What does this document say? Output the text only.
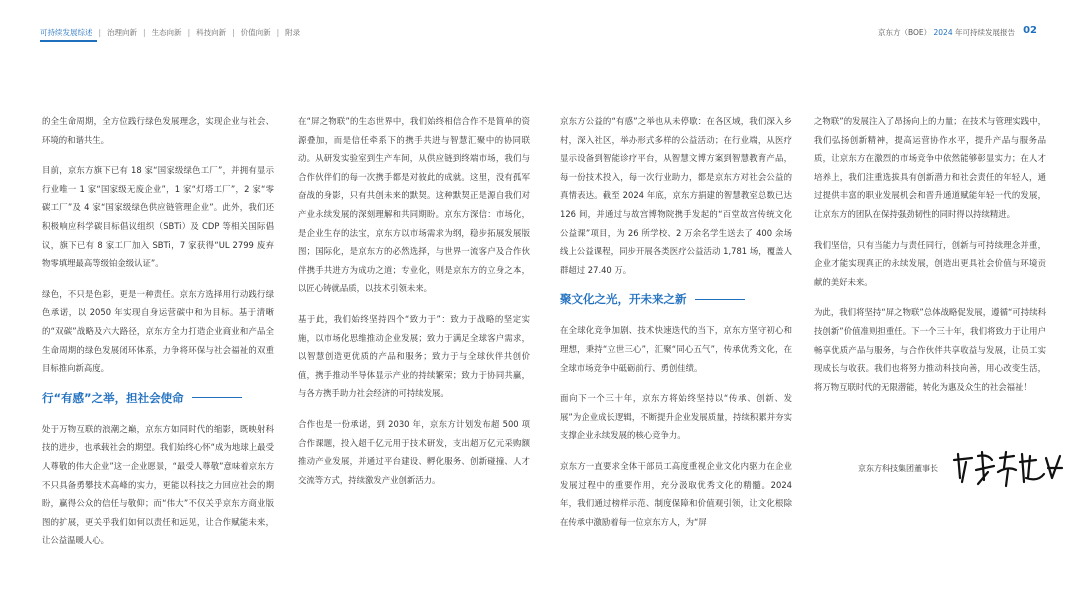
可持续发展综述 | 治理向新 | 生态向新 | 科技向新 | 价值向新 | 附录	京东方（BOE） 2024 年可持续发展报告 02

的全生命周期，全方位践行绿色发展理念，实现企业与社会、环境的和谐共生。

目前，京东方旗下已有 18 家“国家级绿色工厂”，并拥有显示行业唯一 1 家“国家级无废企业”，1 家“灯塔工厂”，2 家“零碳工厂”及 4 家“国家级绿色供应链管理企业”。此外，我们还积极响应科学碳目标倡议组织（SBTi）及 CDP 等相关国际倡议，旗下已有 8 家工厂加入 SBTi，7 家获得“UL 2799 废弃物零填埋最高等级铂金级认证”。

绿色，不只是色彩，更是一种责任。京东方选择用行动践行绿色承诺，以 2050 年实现自身运营碳中和为目标。基于清晰的“双碳”战略及六大路径，京东方全力打造企业商业和产品全生命周期的绿色发展闭环体系，力争将环保与社会福祉的双重目标推向新高度。

行“有感”之举，担社会使命

处于万物互联的浪潮之巅，京东方如同时代的缩影，既映射科技的进步，也承载社会的期望。我们始终心怀“成为地球上最受人尊敬的伟大企业”这一企业愿景，“最受人尊敬”意味着京东方不只具备勇攀技术高峰的实力，更能以科技之力回应社会的期盼，赢得公众的信任与敬仰；而“伟大”不仅关乎京东方商业版图的扩展，更关乎我们如何以责任和远见，让合作赋能未来，让公益温暖人心。

在“屏之物联”的生态世界中，我们始终相信合作不是简单的资源叠加，而是信任牵系下的携手共进与智慧汇聚中的协同联动。从研发实验室到生产车间，从供应链到终端市场，我们与合作伙伴们的每一次携手都是对彼此的成就。这里，没有孤军奋战的身影，只有共创未来的默契。这种默契正是源自我们对产业永续发展的深刻理解和共同期盼。京东方深信：市场化，是企业生存的法宝，京东方以市场需求为纲，稳步拓展发展版图；国际化，是京东方的必然选择，与世界一流客户及合作伙伴携手共进方为成功之道；专业化，则是京东方的立身之本，以匠心铸就品质，以技术引领未来。

基于此，我们始终坚持四个“致力于”：致力于战略的坚定实施，以市场化思维推动企业发展；致力于满足全球客户需求，以智慧创造更优质的产品和服务；致力于与全球伙伴共创价值，携手推动半导体显示产业的持续繁荣；致力于协同共赢，与各方携手助力社会经济的可持续发展。

合作也是一份承诺，到 2030 年，京东方计划发布超 500 项合作课题，投入超千亿元用于技术研发，支出超万亿元采购额推动产业发展，并通过平台建设、孵化服务、创新碰撞、人才交流等方式，持续激发产业创新活力。

京东方公益的“有感”之举也从未停歇：在各区域，我们深入乡村，深入社区，举办形式多样的公益活动；在行业端，从医疗显示设备到智能诊疗平台，从智慧文博方案到智慧教育产品，每一份技术投入，每一次行业助力，都是京东方对社会公益的真情表达。截至 2024 年底，京东方捐建的智慧教室总数已达 126 间，并通过与故宫博物院携手发起的“百堂故宫传统文化公益课”项目，为 26 所学校、2 万余名学生送去了 400 余场线上公益课程，同步开展各类医疗公益活动 1,781 场，覆盖人群超过 27.40 万。

聚文化之光，开未来之新

在全球化竞争加剧、技术快速迭代的当下，京东方坚守初心和理想，秉持“立世三心”，汇聚“同心五气”，传承优秀文化，在全球市场竞争中砥砺前行、勇创佳绩。

面向下一个三十年，京东方将始终坚持以“传承、创新、发展”为企业成长逻辑，不断提升企业发展质量，持续积累并夯实支撑企业永续发展的核心竞争力。

京东方一直要求全体干部员工高度重视企业文化内驱力在企业发展过程中的重要作用，充分汲取优秀文化的精髓。2024 年，我们通过榜样示范、制度保障和价值观引领，让文化根除在传承中激励着每一位京东方人，为“屏

之物联”的发展注入了昂扬向上的力量；在技术与管理实践中，我们弘扬创新精神，提高运营协作水平，提升产品与服务品质，让京东方在激烈的市场竞争中依然能够彰显实力；在人才培养上，我们注重选拔具有创新潜力和社会责任的年轻人，通过提供丰富的职业发展机会和晋升通道赋能年轻一代的发展，让京东方的团队在保持强劲韧性的同时得以持续精进。

我们坚信，只有当能力与责任同行，创新与可持续理念并重，企业才能实现真正的永续发展，创造出更具社会价值与环境贡献的美好未来。

为此，我们将坚持“屏之物联”总体战略促发展，遵循“可持续科技创新”价值准则担重任。下一个三十年，我们将致力于让用户畅享优质产品与服务，与合作伙伴共享收益与发展，让员工实现成长与收获。我们也将努力推动科技向善，用心改变生活，将万物互联时代的无限潜能，转化为惠及众生的社会福祉！

京东方科技集团董事长
